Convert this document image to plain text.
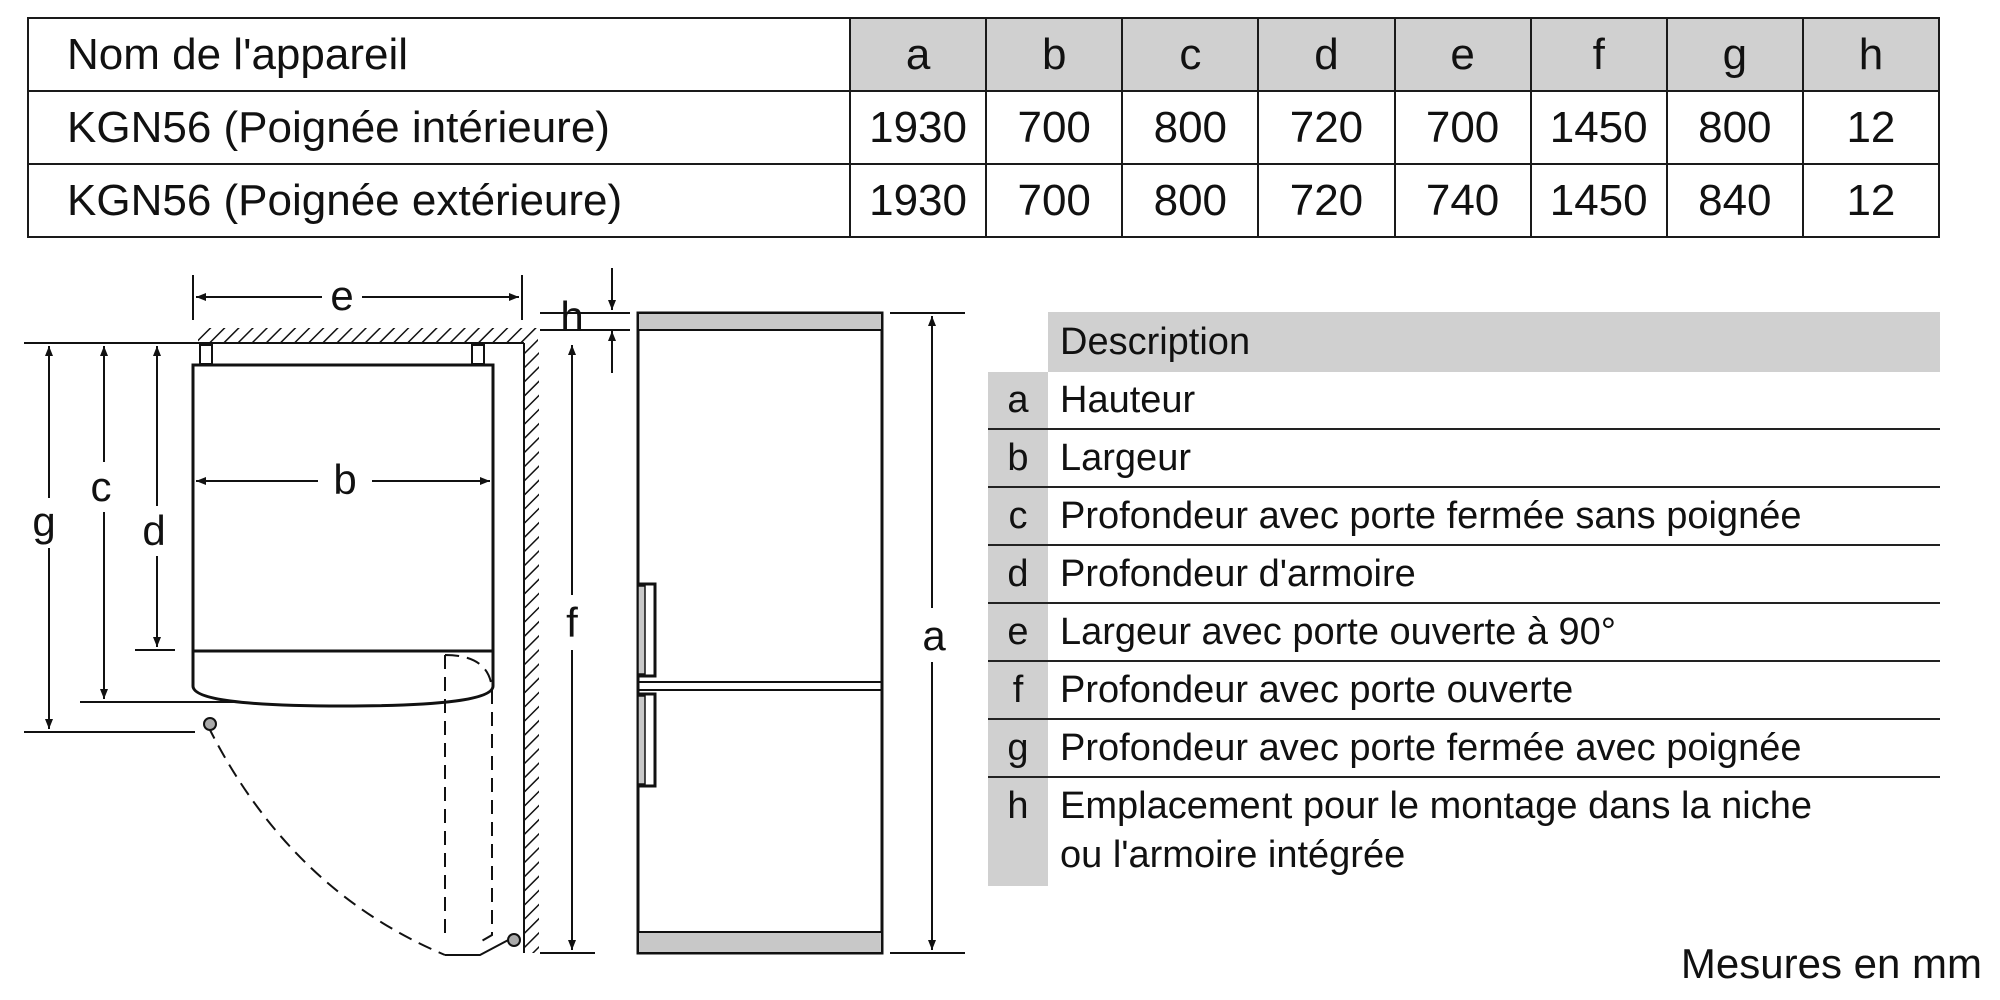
Nom de l'appareil	a	b	c	d	e	f	g	h
KGN56 (Poignée intérieure)	1930	700	800	720	700	1450	800	12
KGN56 (Poignée extérieure)	1930	700	800	720	740	1450	840	12
e
b
g
c
d
h
f	a
Description
a Hauteur
b Largeur
c Profondeur avec porte fermée sans poignée
d Profondeur d'armoire
e Largeur avec porte ouverte à 90°
f Profondeur avec porte ouverte
g Profondeur avec porte fermée avec poignée
h Emplacement pour le montage dans la niche
ou l'armoire intégrée
Mesures en mm
